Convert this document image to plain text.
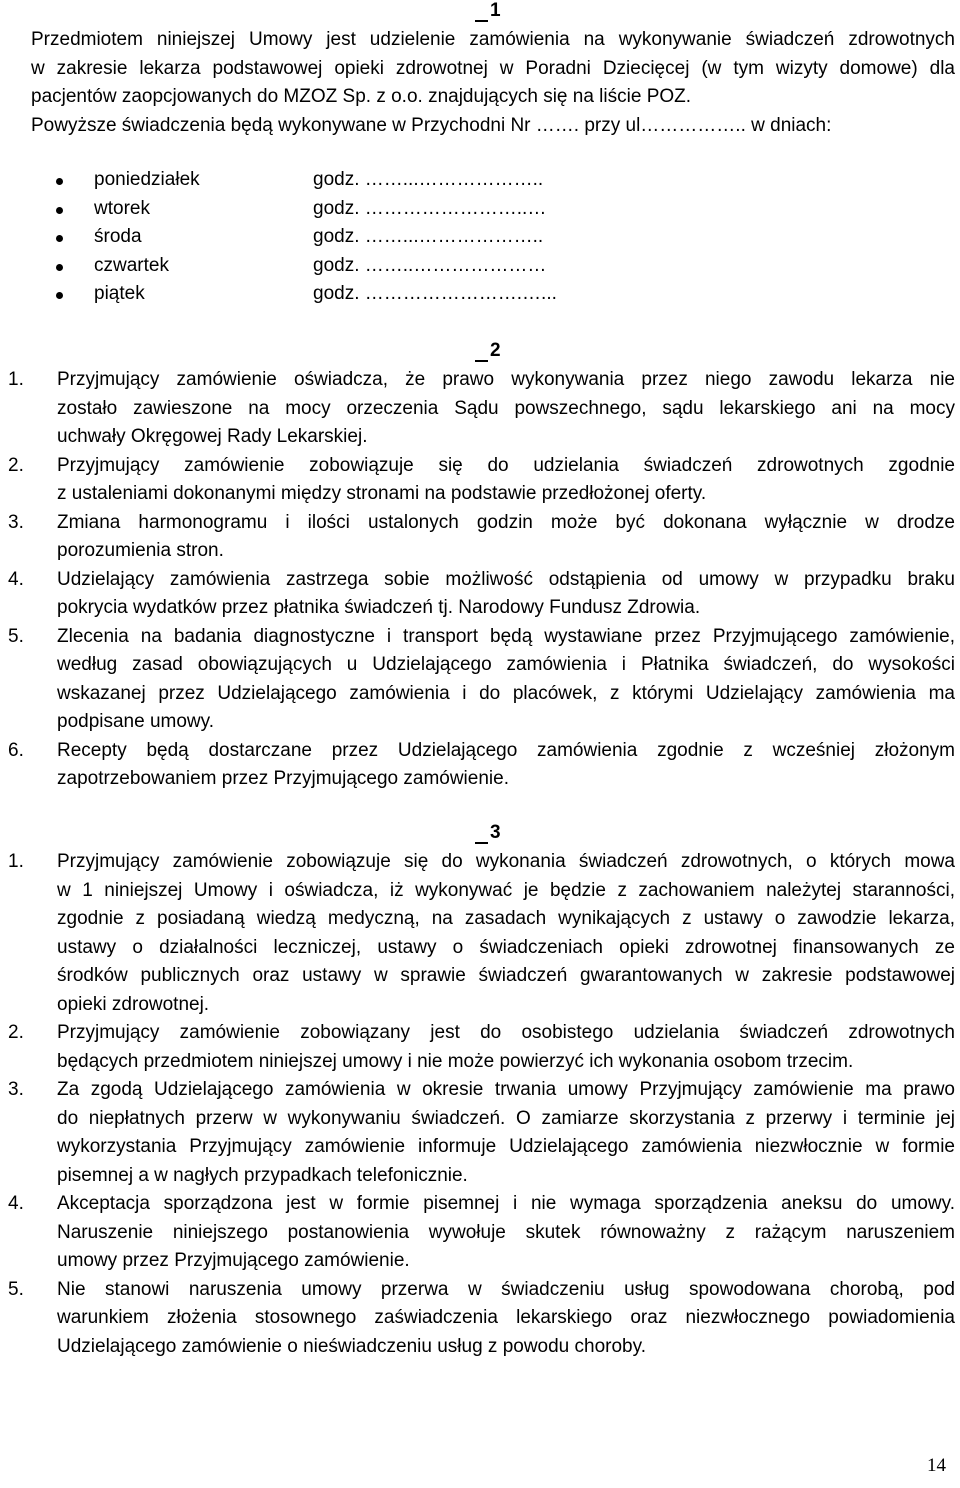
1
Przedmiotem niniejszej Umowy jest udzielenie zamówienia na wykonywanie świadczeń zdrowotnych
w zakresie lekarza podstawowej opieki zdrowotnej w Poradni Dziecięcej (w tym wizyty domowe) dla
pacjentów zaopcjowanych do MZOZ Sp. z o.o. znajdujących się na liście POZ.
Powyższe świadczenia będą wykonywane w Przychodni Nr ……. przy ul…………….. w dniach:
poniedziałek	godz. ……...………………..
wtorek	godz. ……………………..…
środa	godz. ……...………………..
czwartek	godz. ……..…………………
piątek	godz. …………………….…...
2
1. Przyjmujący zamówienie oświadcza, że prawo wykonywania przez niego zawodu lekarza nie
zostało zawieszone na mocy orzeczenia Sądu powszechnego, sądu lekarskiego ani na mocy
uchwały Okręgowej Rady Lekarskiej.
2. Przyjmujący zamówienie zobowiązuje się do udzielania świadczeń zdrowotnych zgodnie
z ustaleniami dokonanymi między stronami na podstawie przedłożonej oferty.
3. Zmiana harmonogramu i ilości ustalonych godzin może być dokonana wyłącznie w drodze
porozumienia stron.
4. Udzielający zamówienia zastrzega sobie możliwość odstąpienia od umowy w przypadku braku
pokrycia wydatków przez płatnika świadczeń tj. Narodowy Fundusz Zdrowia.
5. Zlecenia na badania diagnostyczne i transport będą wystawiane przez Przyjmującego zamówienie,
według zasad obowiązujących u Udzielającego zamówienia i Płatnika świadczeń, do wysokości
wskazanej przez Udzielającego zamówienia i do placówek, z którymi Udzielający zamówienia ma
podpisane umowy.
6. Recepty będą dostarczane przez Udzielającego zamówienia zgodnie z wcześniej złożonym
zapotrzebowaniem przez Przyjmującego zamówienie.
3
1. Przyjmujący zamówienie zobowiązuje się do wykonania świadczeń zdrowotnych, o których mowa
w 1 niniejszej Umowy i oświadcza, iż wykonywać je będzie z zachowaniem należytej staranności,
zgodnie z posiadaną wiedzą medyczną, na zasadach wynikających z ustawy o zawodzie lekarza,
ustawy o działalności leczniczej, ustawy o świadczeniach opieki zdrowotnej finansowanych ze
środków publicznych oraz ustawy w sprawie świadczeń gwarantowanych w zakresie podstawowej
opieki zdrowotnej.
2. Przyjmujący zamówienie zobowiązany jest do osobistego udzielania świadczeń zdrowotnych
będących przedmiotem niniejszej umowy i nie może powierzyć ich wykonania osobom trzecim.
3. Za zgodą Udzielającego zamówienia w okresie trwania umowy Przyjmujący zamówienie ma prawo
do niepłatnych przerw w wykonywaniu świadczeń. O zamiarze skorzystania z przerwy i terminie jej
wykorzystania Przyjmujący zamówienie informuje Udzielającego zamówienia niezwłocznie w formie
pisemnej a w nagłych przypadkach telefonicznie.
4. Akceptacja sporządzona jest w formie pisemnej i nie wymaga sporządzenia aneksu do umowy.
Naruszenie niniejszego postanowienia wywołuje skutek równoważny z rażącym naruszeniem
umowy przez Przyjmującego zamówienie.
5. Nie stanowi naruszenia umowy przerwa w świadczeniu usług spowodowana chorobą, pod
warunkiem złożenia stosownego zaświadczenia lekarskiego oraz niezwłocznego powiadomienia
Udzielającego zamówienie o nieświadczeniu usług z powodu choroby.
14
